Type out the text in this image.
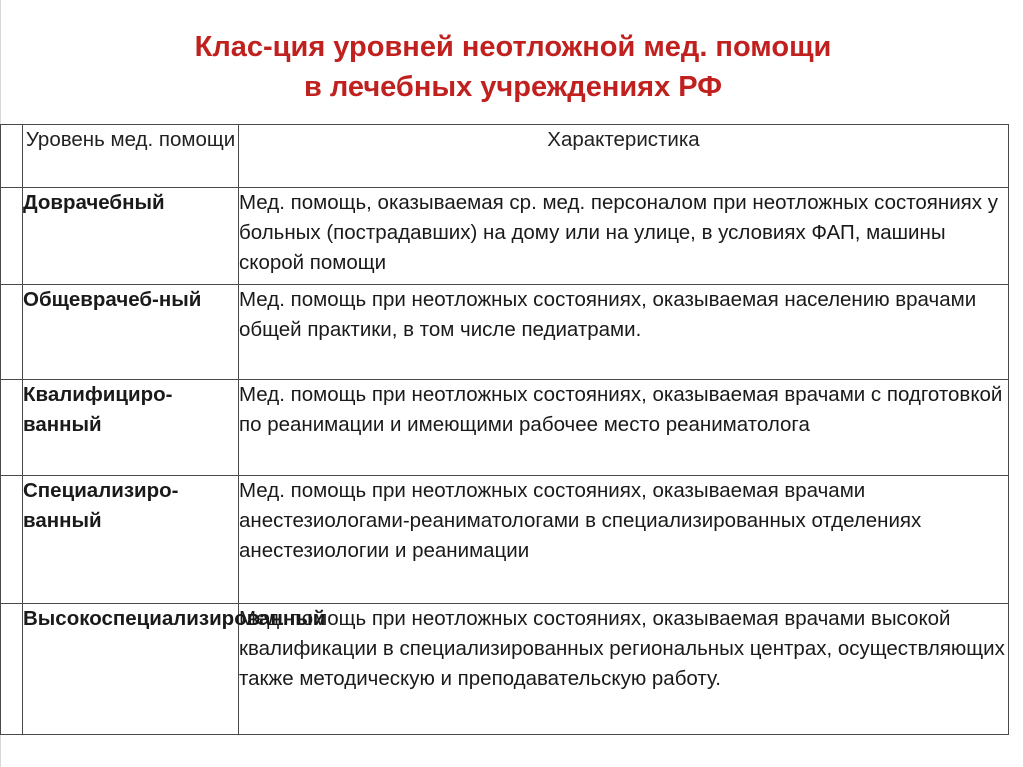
Клас-ция уровней неотложной мед. помощи
в лечебных учреждениях РФ
	Уровень мед. помощи	Характеристика
	Доврачебный	Мед. помощь, оказываемая ср. мед. персоналом при неотложных состояниях у больных (пострадавших) на дому или на улице, в условиях ФАП, машины скорой помощи
	Общеврачеб-ный	Мед. помощь при неотложных состояниях, оказываемая населению врачами общей практики, в том числе педиатрами.
	Квалифициро-ванный	Мед. помощь при неотложных состояниях, оказываемая врачами с подготовкой по реанимации и имеющими рабочее место реаниматолога
	Специализиро-ванный	Мед. помощь при неотложных состояниях, оказываемая врачами анестезиологами-реаниматологами в специализированных отделениях анестезиологии и реанимации
	Высокоспециализированный	Мед. помощь при неотложных состояниях, оказываемая врачами высокой квалификации в специализированных региональных центрах, осуществляющих также методическую и преподавательскую работу.
